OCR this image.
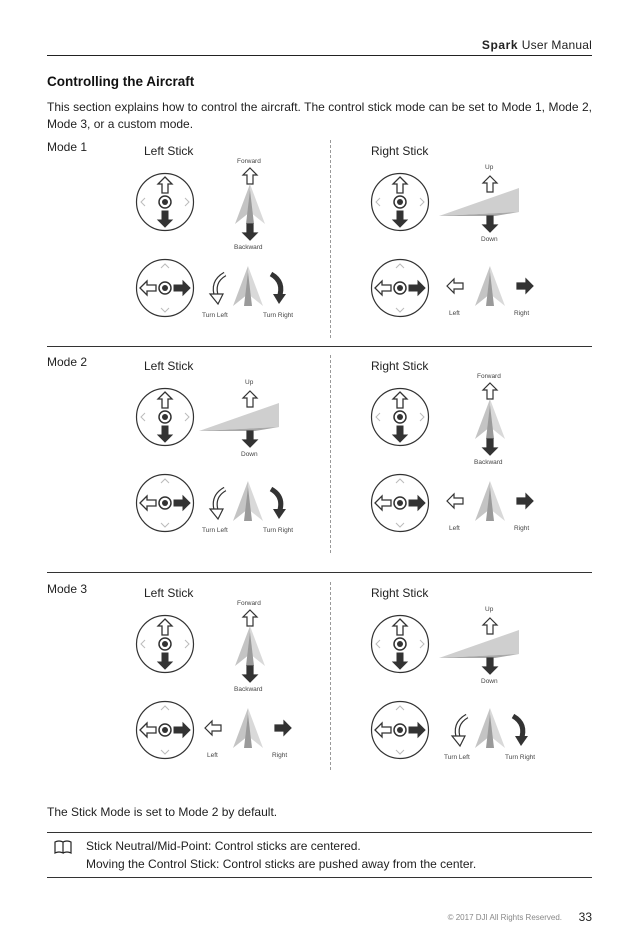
Spark User Manual
Controlling the Aircraft
This section explains how to control the aircraft. The control stick mode can be set to Mode 1, Mode 2, Mode 3, or a custom mode.
Mode 1	Left Stick
Forward
Backward
Turn Left	Turn Right
Right Stick
Up
Down
Left	Right
Mode 2	Left Stick
Up
Down
Turn Left	Turn Right
Right Stick
Forward
Backward
Left	Right
Mode 3	Left Stick
Forward
Backward
Left	Right
Right Stick
Up
Down
Turn Left	Turn Right
The Stick Mode is set to Mode 2 by default.
Stick Neutral/Mid-Point: Control sticks are centered.
Moving the Control Stick: Control sticks are pushed away from the center.
© 2017 DJI All Rights Reserved. 33
